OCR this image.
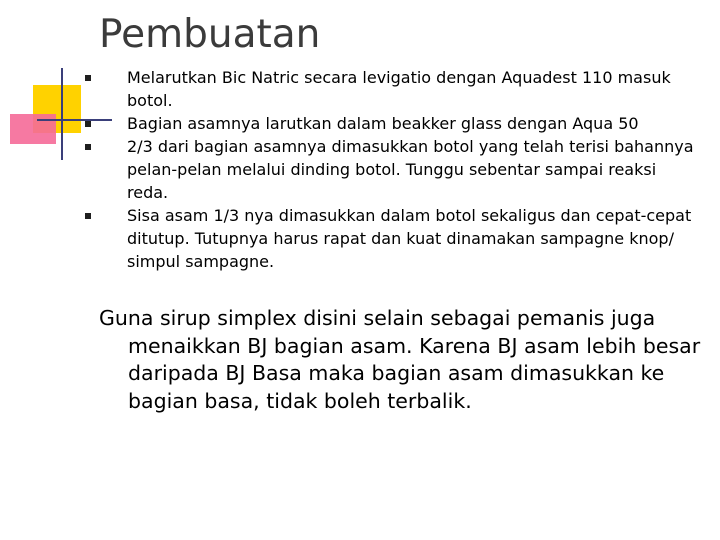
Pembuatan
Melarutkan Bic Natric secara levigatio dengan Aquadest 110 masuk botol.
Bagian asamnya larutkan dalam beakker glass dengan Aqua 50
2/3 dari bagian asamnya dimasukkan botol yang telah terisi bahannya pelan-pelan melalui dinding botol. Tunggu sebentar sampai reaksi reda.
Sisa asam 1/3 nya dimasukkan dalam botol sekaligus dan cepat-cepat ditutup. Tutupnya harus rapat dan kuat dinamakan sampagne knop/ simpul sampagne.

Guna sirup simplex disini selain sebagai pemanis juga menaikkan BJ bagian asam. Karena BJ asam lebih besar daripada BJ Basa maka bagian asam dimasukkan ke bagian basa, tidak boleh terbalik.
